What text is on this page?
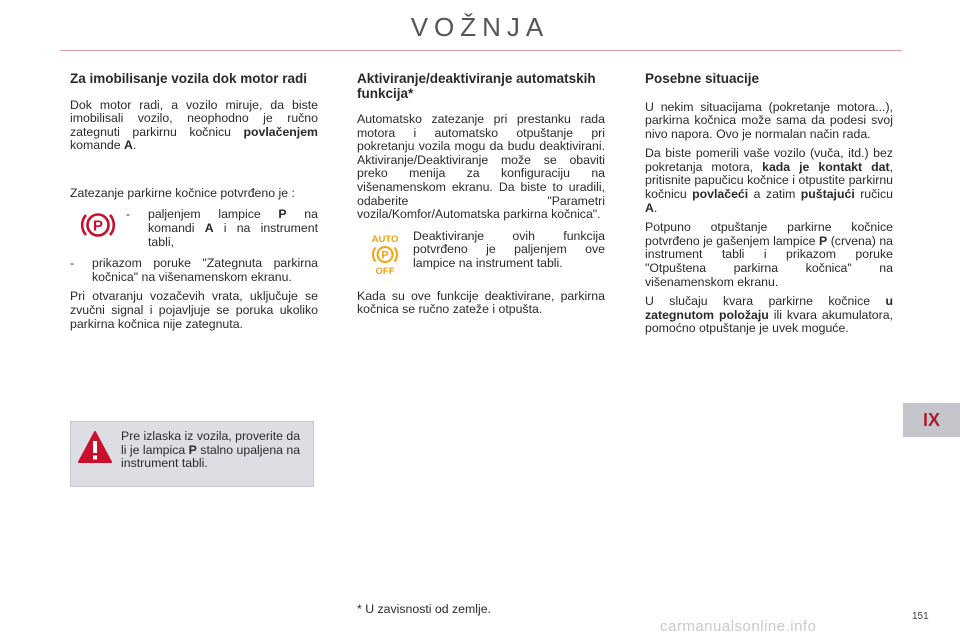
VOŽNJA
Za imobilisanje vozila dok motor radi

Dok motor radi, a vozilo miruje, da biste imobilisali vozilo, neophodno je ručno zategnuti parkirnu kočnicu povlačenjem komande A.

Zatezanje parkirne kočnice potvrđeno je :

P
-	paljenjem lampice P na komandi A i na instrument tabli,
-	prikazom poruke "Zategnuta parkirna kočnica" na višenamenskom ekranu.

Pri otvaranju vozačevih vrata, uključuje se zvučni signal i pojavljuje se poruka ukoliko parkirna kočnica nije zategnuta.

Pre izlaska iz vozila, proverite da li je lampica P stalno upaljena na instrument tabli.
Aktiviranje/deaktiviranje automatskih funkcija*

Automatsko zatezanje pri prestanku rada motora i automatsko otpuštanje pri pokretanju vozila mogu da budu deaktivirani. Aktiviranje/Deaktiviranje može se obaviti preko menija za konfiguraciju na višenamenskom ekranu. Da biste to uradili, odaberite "Parametri vozila/Komfor/Automatska parkirna kočnica".

AUTO
P
OFF
Deaktiviranje ovih funkcija potvrđeno je paljenjem ove lampice na instrument tabli.

Kada su ove funkcije deaktivirane, parkirna kočnica se ručno zateže i otpušta.

Posebne situacije

U nekim situacijama (pokretanje motora...), parkirna kočnica može sama da podesi svoj nivo napora. Ovo je normalan način rada.

Da biste pomerili vaše vozilo (vuča, itd.) bez pokretanja motora, kada je kontakt dat, pritisnite papučicu kočnice i otpustite parkirnu kočnicu povlačeći a zatim puštajući ručicu A.

Potpuno otpuštanje parkirne kočnice potvrđeno je gašenjem lampice P (crvena) na instrument tabli i prikazom poruke "Otpuštena parkirna kočnica" na višenamenskom ekranu.

U slučaju kvara parkirne kočnice u zategnutom položaju ili kvara akumulatora, pomoćno otpuštanje je uvek moguće.

IX
* U zavisnosti od zemlje.
carmanualsonline.info
151
